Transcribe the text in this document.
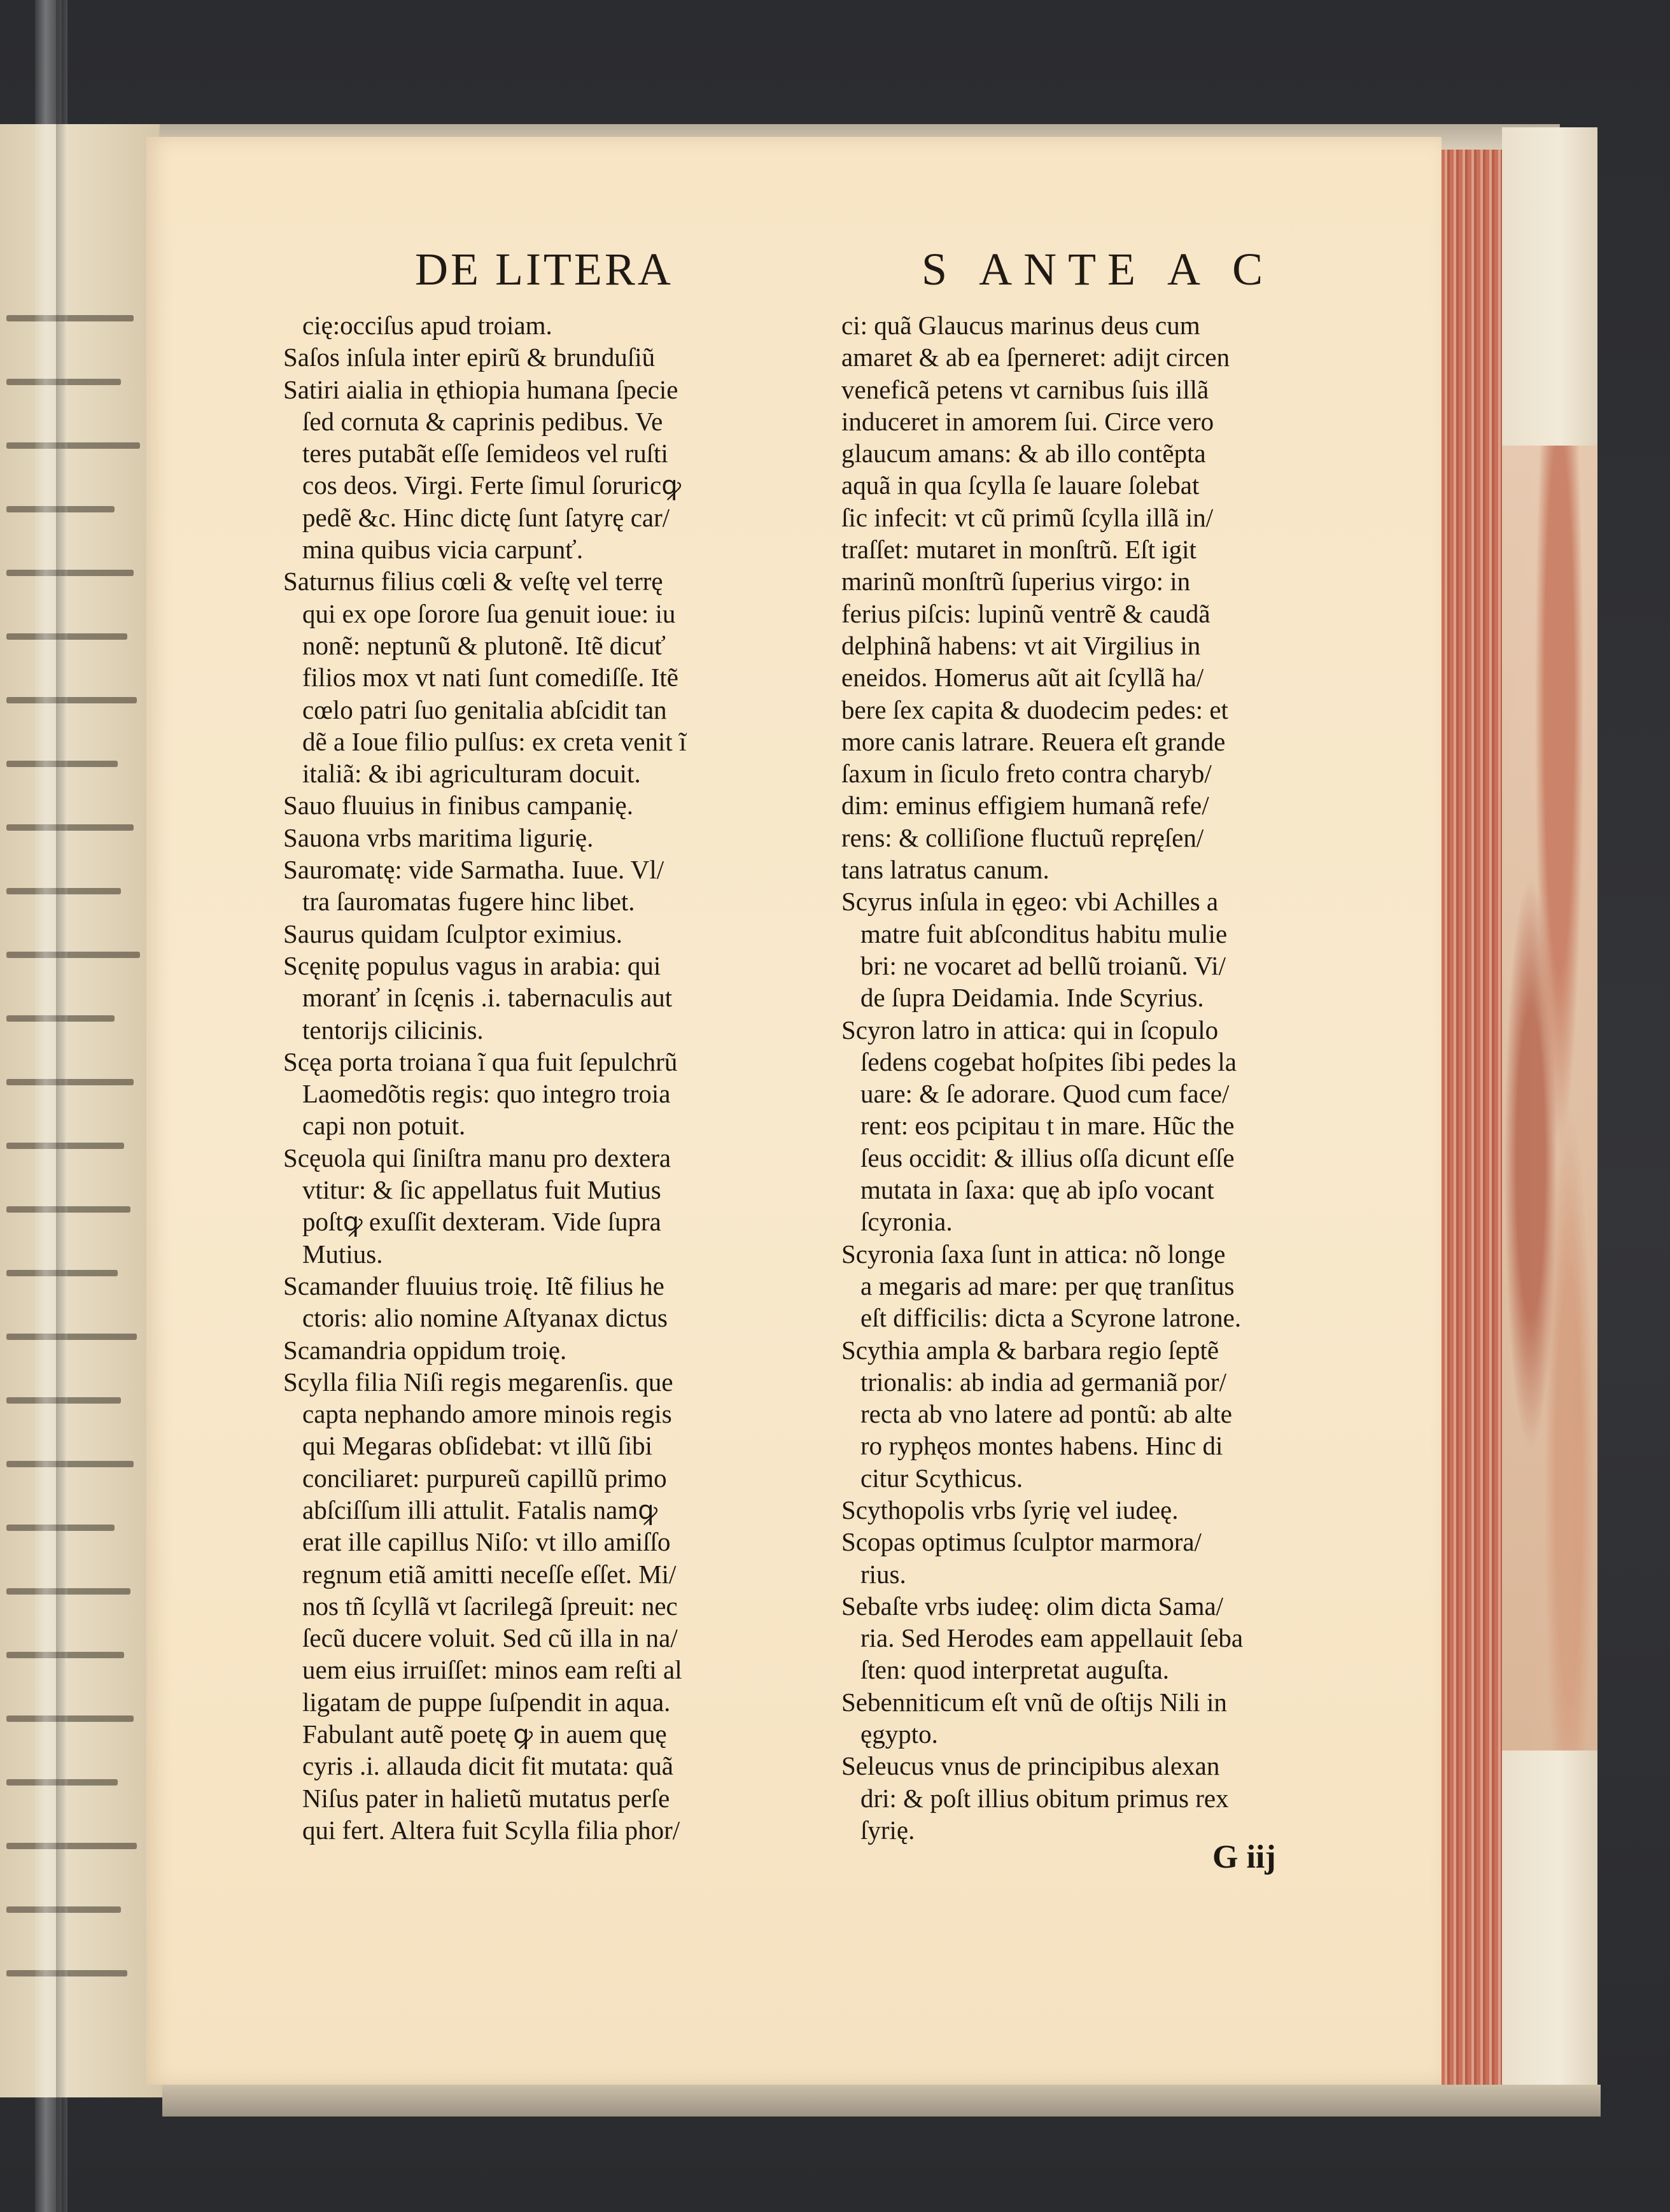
DE LITERA	S ANTE A C
cię:occiſus apud troiam.
Saſos inſula inter epirũ & brunduſiũ
Satiri aialia in ęthiopia humana ſpecie
ſed cornuta & caprinis pedibus. Ve
teres putabãt eſſe ſemideos vel ruſti
cos deos. Virgi. Ferte ſimul ſoruricꝙ
pedẽ &c. Hinc dictę ſunt ſatyrę car/
mina quibus vicia carpunť.
Saturnus filius cœli & veſtę vel terrę
qui ex ope ſorore ſua genuit ioue: iu
nonẽ: neptunũ & plutonẽ. Itẽ dicuť
filios mox vt nati ſunt comediſſe. Itẽ
cœlo patri ſuo genitalia abſcidit tan
dẽ a Ioue filio pulſus: ex creta venit ĩ
italiã: & ibi agriculturam docuit.
Sauo fluuius in finibus campanię.
Sauona vrbs maritima ligurię.
Sauromatę: vide Sarmatha. Iuue. Vl/
tra ſauromatas fugere hinc libet.
Saurus quidam ſculptor eximius.
Scęnitę populus vagus in arabia: qui
moranť in ſcęnis .i. tabernaculis aut
tentorijs cilicinis.
Scęa porta troiana ĩ qua fuit ſepulchrũ
Laomedõtis regis: quo integro troia
capi non potuit.
Scęuola qui ſiniſtra manu pro dextera
vtitur: & ſic appellatus fuit Mutius
poſtꝙ exuſſit dexteram. Vide ſupra
Mutius.
Scamander fluuius troię. Itẽ filius he
ctoris: alio nomine Aſtyanax dictus
Scamandria oppidum troię.
Scylla filia Niſi regis megarenſis. que
capta nephando amore minois regis
qui Megaras obſidebat: vt illũ ſibi
conciliaret: purpureũ capillũ primo
abſciſſum illi attulit. Fatalis namꝙ
erat ille capillus Niſo: vt illo amiſſo
regnum etiã amitti neceſſe eſſet. Mi/
nos tñ ſcyllã vt ſacrilegã ſpreuit: nec
ſecũ ducere voluit. Sed cũ illa in na/
uem eius irruiſſet: minos eam reſti al
ligatam de puppe ſuſpendit in aqua.
Fabulant autẽ poetę ꝙ in auem quę
cyris .i. allauda dicit fit mutata: quã
Niſus pater in halietũ mutatus perſe
qui fert. Altera fuit Scylla filia phor/
ci: quã Glaucus marinus deus cum
amaret & ab ea ſperneret: adijt circen
veneficã petens vt carnibus ſuis illã
induceret in amorem ſui. Circe vero
glaucum amans: & ab illo contẽpta
aquã in qua ſcylla ſe lauare ſolebat
ſic infecit: vt cũ primũ ſcylla illã in/
traſſet: mutaret in monſtrũ. Eſt igit
marinũ monſtrũ ſuperius virgo: in
ferius piſcis: lupinũ ventrẽ & caudã
delphinã habens: vt ait Virgilius in
eneidos. Homerus aũt ait ſcyllã ha/
bere ſex capita & duodecim pedes: et
more canis latrare. Reuera eſt grande
ſaxum in ſiculo freto contra charyb/
dim: eminus effigiem humanã refe/
rens: & colliſione fluctuũ repręſen/
tans latratus canum.
Scyrus inſula in ęgeo: vbi Achilles a
matre fuit abſconditus habitu mulie
bri: ne vocaret ad bellũ troianũ. Vi/
de ſupra Deidamia. Inde Scyrius.
Scyron latro in attica: qui in ſcopulo
ſedens cogebat hoſpites ſibi pedes la
uare: & ſe adorare. Quod cum face/
rent: eos pcipitau t in mare. Hũc the
ſeus occidit: & illius oſſa dicunt eſſe
mutata in ſaxa: quę ab ipſo vocant
ſcyronia.
Scyronia ſaxa ſunt in attica: nõ longe
a megaris ad mare: per quę tranſitus
eſt difficilis: dicta a Scyrone latrone.
Scythia ampla & barbara regio ſeptẽ
trionalis: ab india ad germaniã por/
recta ab vno latere ad pontũ: ab alte
ro ryphęos montes habens. Hinc di
citur Scythicus.
Scythopolis vrbs ſyrię vel iudeę.
Scopas optimus ſculptor marmora/
rius.
Sebaſte vrbs iudeę: olim dicta Sama/
ria. Sed Herodes eam appellauit ſeba
ſten: quod interpretat auguſta.
Sebenniticum eſt vnũ de oſtijs Nili in
ęgypto.
Seleucus vnus de principibus alexan
dri: & poſt illius obitum primus rex
ſyrię.
G iij
